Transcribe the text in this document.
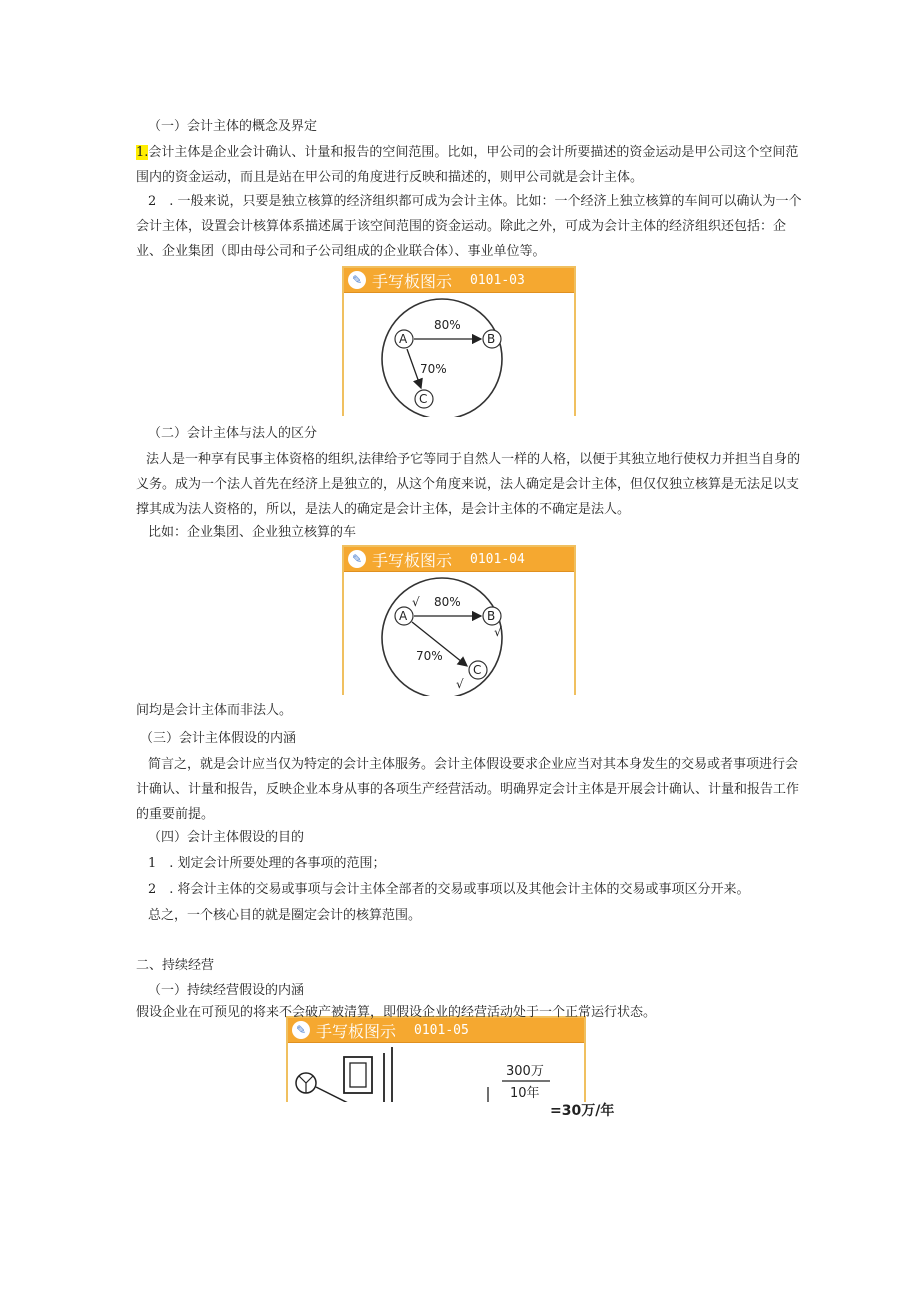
（一）会计主体的概念及界定
1.会计主体是企业会计确认、计量和报告的空间范围。比如，甲公司的会计所要描述的资金运动是甲公司这个空间范围内的资金运动，而且是站在甲公司的角度进行反映和描述的，则甲公司就是会计主体。
2　. 一般来说，只要是独立核算的经济组织都可成为会计主体。比如：一个经济上独立核算的车间可以确认为一个会计主体，设置会计核算体系描述属于该空间范围的资金运动。除此之外，可成为会计主体的经济组织还包括：企业、企业集团（即由母公司和子公司组成的企业联合体）、事业单位等。
✎ 手写板图示 0101-03
A	B
C
80%
70%
（二）会计主体与法人的区分
法人是一种享有民事主体资格的组织,法律给予它等同于自然人一样的人格，以便于其独立地行使权力并担当自身的义务。成为一个法人首先在经济上是独立的，从这个角度来说，法人确定是会计主体，但仅仅独立核算是无法足以支撑其成为法人资格的，所以，是法人的确定是会计主体，是会计主体的不确定是法人。
比如：企业集团、企业独立核算的车
✎ 手写板图示 0101-04
A
√
B
√
C
√
80%
70%
间均是会计主体而非法人。
（三）会计主体假设的内涵
简言之，就是会计应当仅为特定的会计主体服务。会计主体假设要求企业应当对其本身发生的交易或者事项进行会计确认、计量和报告，反映企业本身从事的各项生产经营活动。明确界定会计主体是开展会计确认、计量和报告工作的重要前提。
（四）会计主体假设的目的
1　. 划定会计所要处理的各事项的范围；
2　. 将会计主体的交易或事项与会计主体全部者的交易或事项以及其他会计主体的交易或事项区分开来。
总之，一个核心目的就是圈定会计的核算范围。
二、持续经营
（一）持续经营假设的内涵
✎ 手写板图示 0101-05
300万
10年
假设企业在可预见的将来不会破产被清算，即假设企业的经营活动处于一个正常运行状态。
=30万/年
